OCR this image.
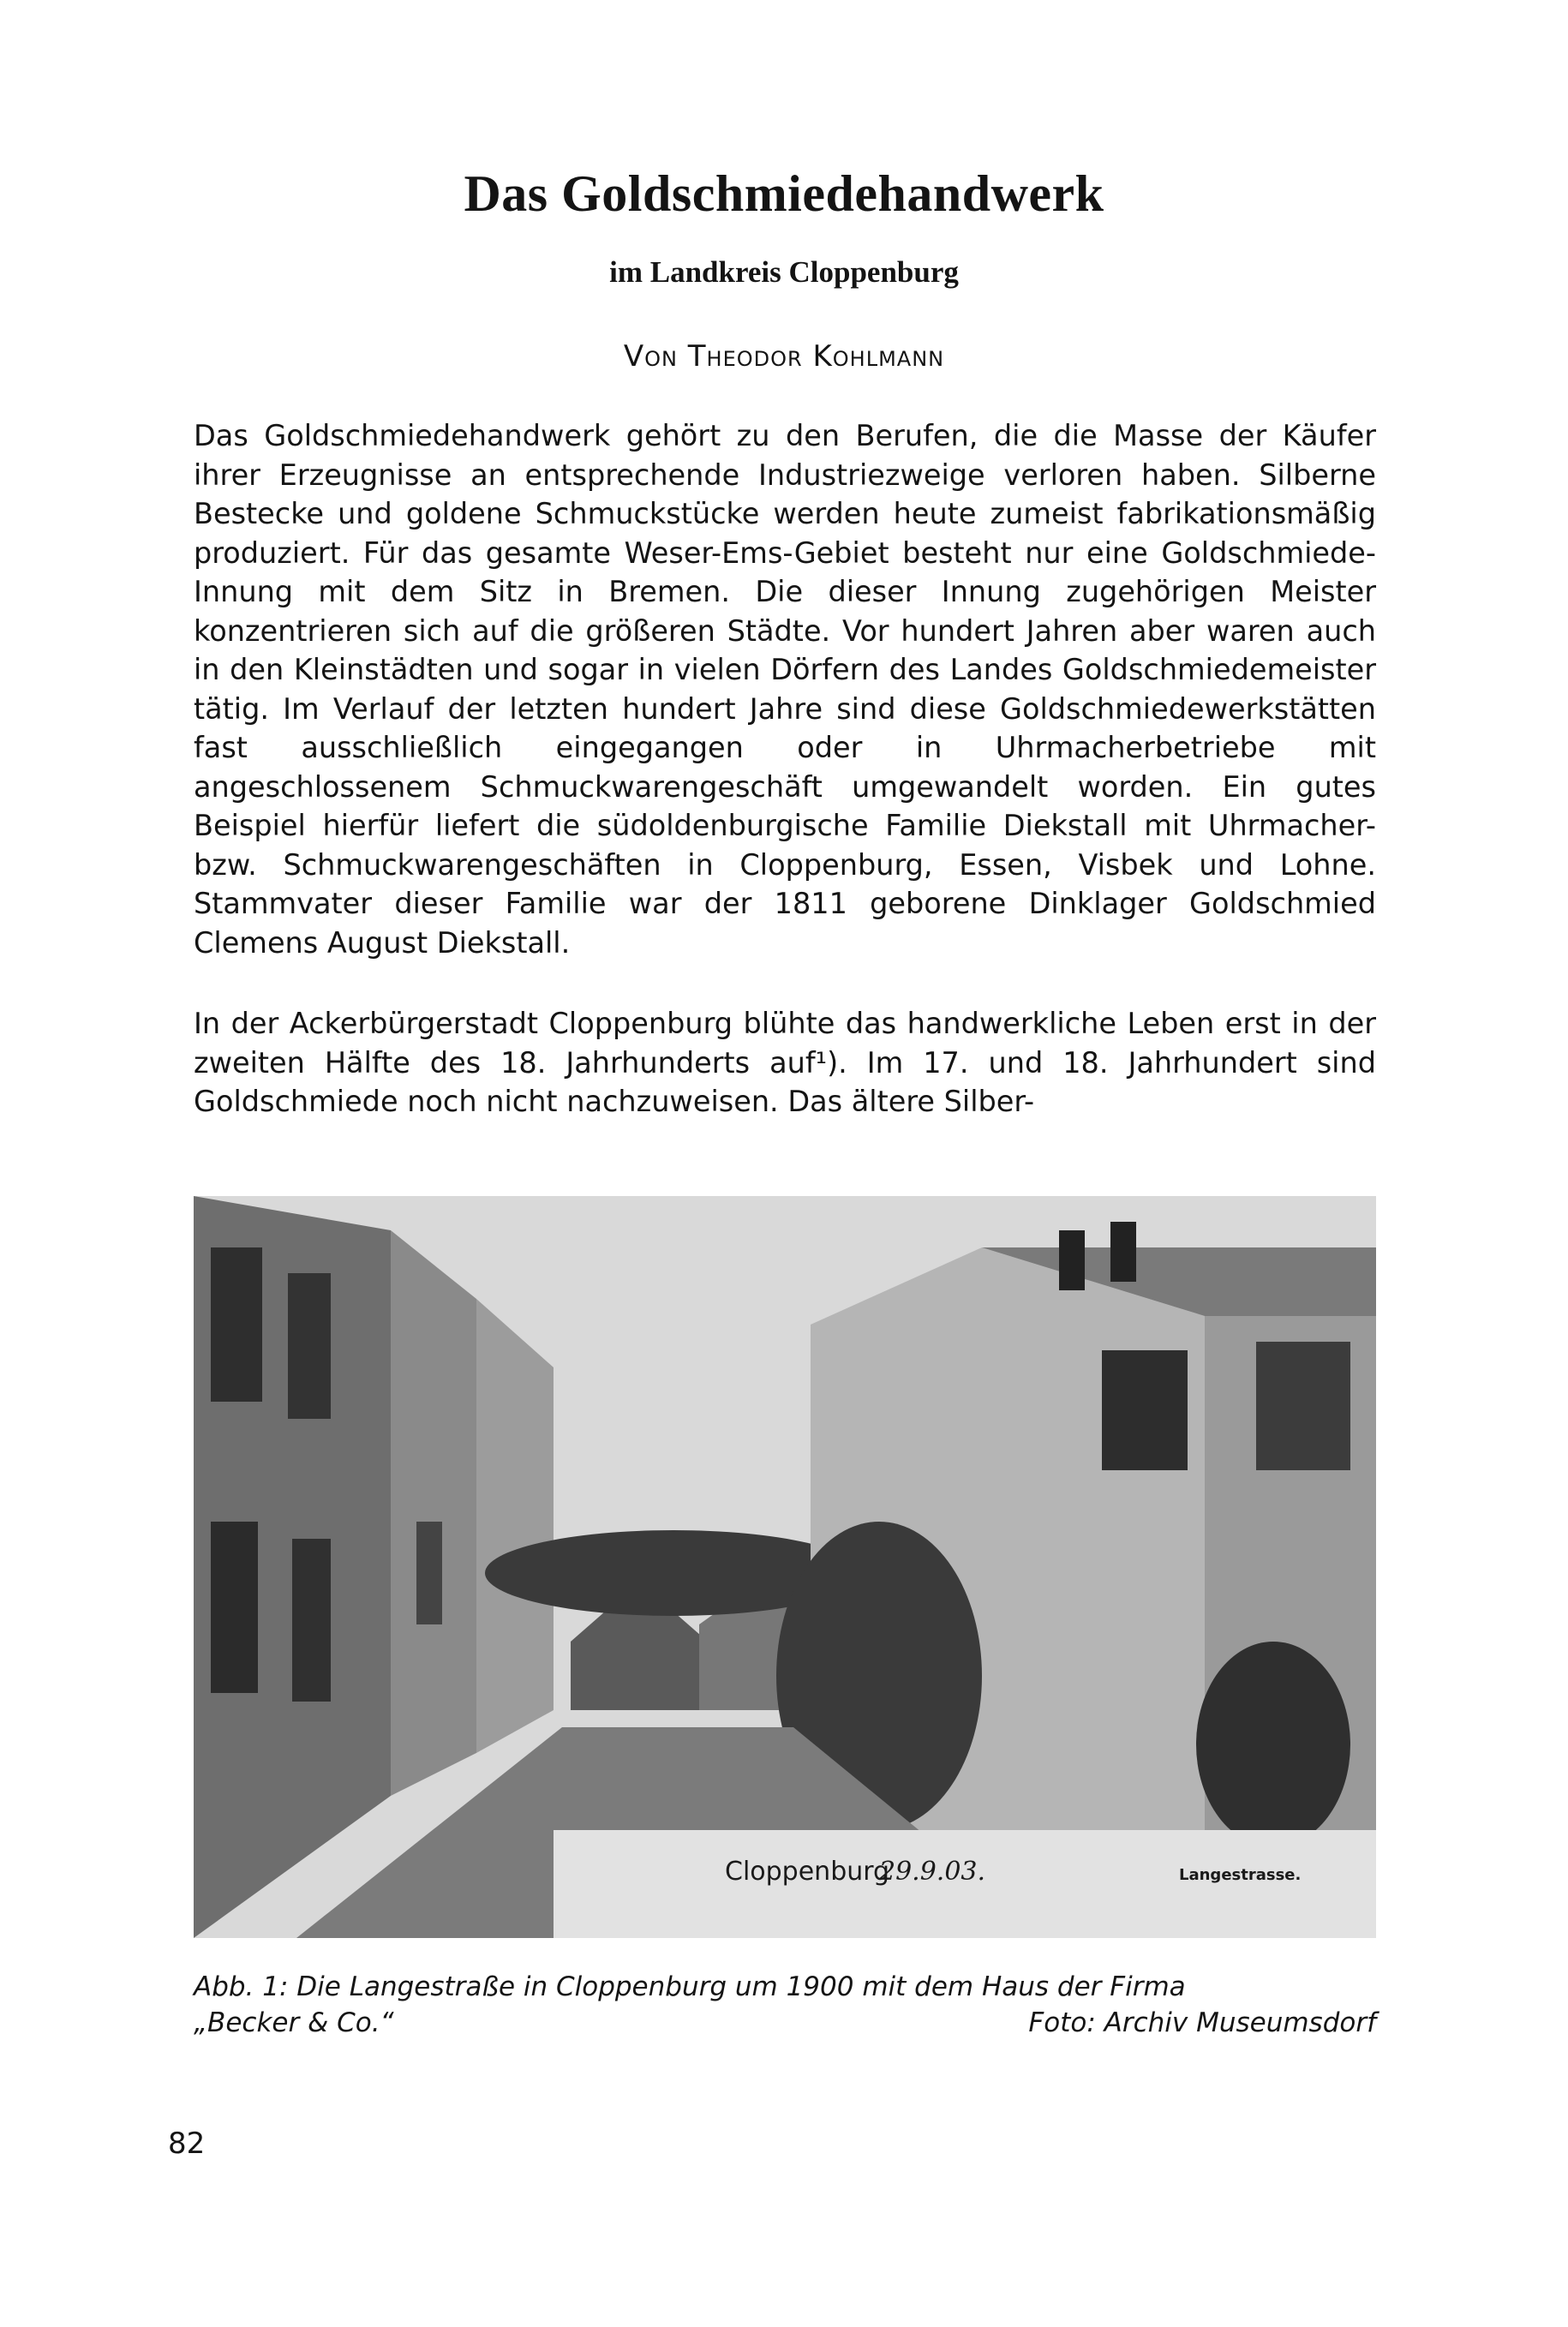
Das Goldschmiedehandwerk
im Landkreis Cloppenburg

Von Theodor Kohlmann

Das Goldschmiedehandwerk gehört zu den Berufen, die die Masse der Käufer ihrer Erzeugnisse an entsprechende Industriezweige verloren haben. Silberne Bestecke und goldene Schmuckstücke werden heute zumeist fabrikationsmäßig produziert. Für das gesamte Weser-Ems-Gebiet besteht nur eine Goldschmiede-Innung mit dem Sitz in Bremen. Die dieser Innung zugehörigen Meister konzentrieren sich auf die größeren Städte. Vor hundert Jahren aber waren auch in den Kleinstädten und sogar in vielen Dörfern des Landes Goldschmiedemeister tätig. Im Verlauf der letzten hundert Jahre sind diese Goldschmiedewerkstätten fast ausschließlich eingegangen oder in Uhrmacherbetriebe mit angeschlossenem Schmuckwarengeschäft umgewandelt worden. Ein gutes Beispiel hierfür liefert die südoldenburgische Familie Diekstall mit Uhrmacher- bzw. Schmuckwarengeschäften in Cloppenburg, Essen, Visbek und Lohne. Stammvater dieser Familie war der 1811 geborene Dinklager Goldschmied Clemens August Diekstall.

In der Ackerbürgerstadt Cloppenburg blühte das handwerkliche Leben erst in der zweiten Hälfte des 18. Jahrhunderts auf¹). Im 17. und 18. Jahrhundert sind Goldschmiede noch nicht nachzuweisen. Das ältere Silber-

Cloppenburg
29.9.03.	Langestrasse.
Abb. 1: Die Langestraße in Cloppenburg um 1900 mit dem Haus der Firma
„Becker & Co.“	Foto: Archiv Museumsdorf

82
